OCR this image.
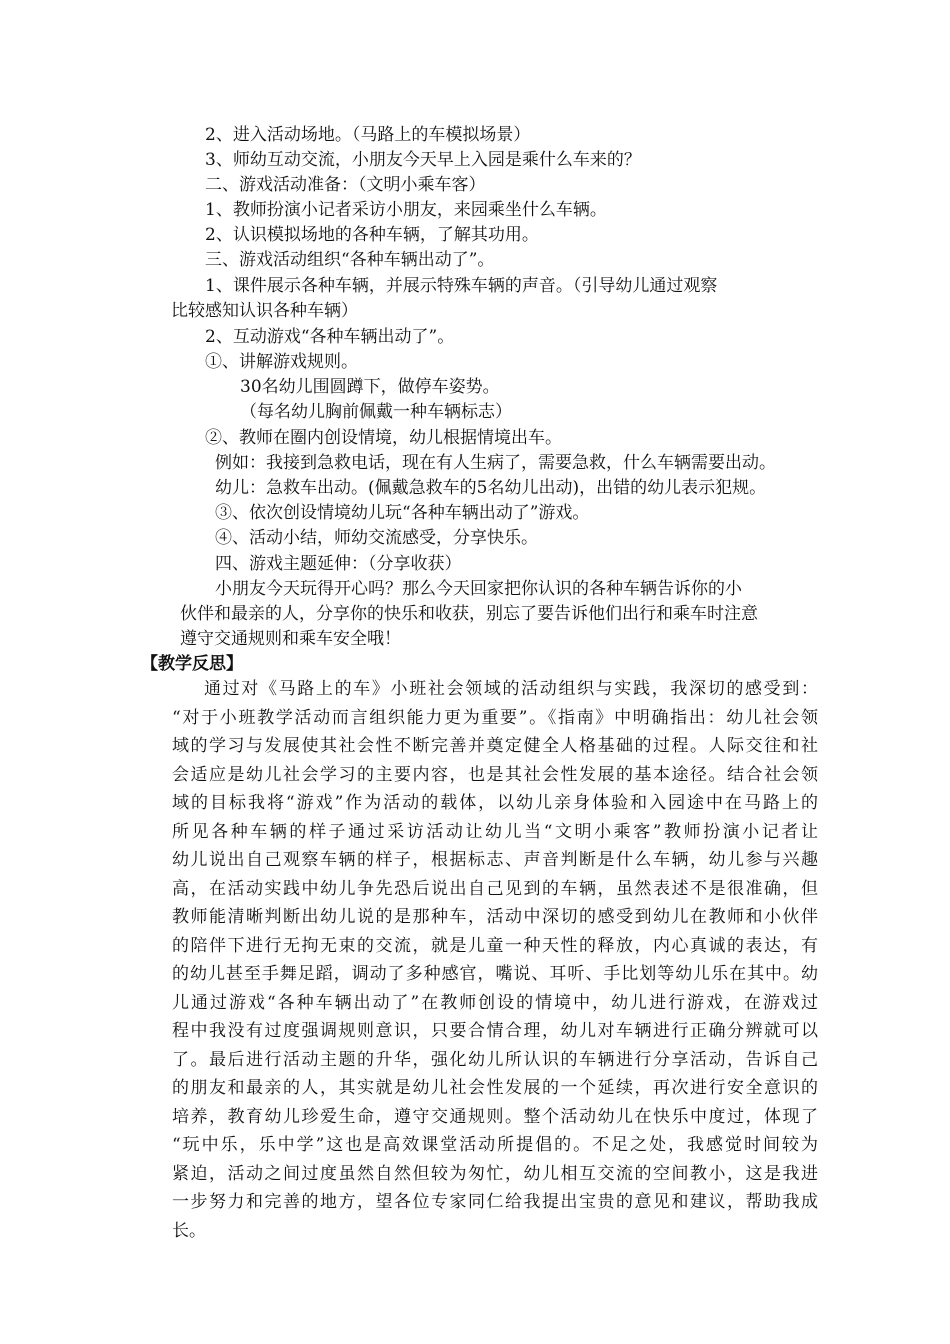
2、进入活动场地。（马路上的车模拟场景）
3、师幼互动交流，小朋友今天早上入园是乘什么车来的？
二、游戏活动准备：（文明小乘车客）
1、教师扮演小记者采访小朋友，来园乘坐什么车辆。
2、认识模拟场地的各种车辆，了解其功用。
三、游戏活动组织“各种车辆出动了”。
1、课件展示各种车辆，并展示特殊车辆的声音。（引导幼儿通过观察
比较感知认识各种车辆）
2、互动游戏“各种车辆出动了”。
①、讲解游戏规则。
30名幼儿围圆蹲下，做停车姿势。
（每名幼儿胸前佩戴一种车辆标志）
②、教师在圈内创设情境，幼儿根据情境出车。
例如：我接到急救电话，现在有人生病了，需要急救，什么车辆需要出动。
幼儿：急救车出动。(佩戴急救车的5名幼儿出动)，出错的幼儿表示犯规。
③、依次创设情境幼儿玩“各种车辆出动了”游戏。
④、活动小结，师幼交流感受，分享快乐。
四、游戏主题延伸：（分享收获）
小朋友今天玩得开心吗？那么今天回家把你认识的各种车辆告诉你的小
伙伴和最亲的人，分享你的快乐和收获，别忘了要告诉他们出行和乘车时注意
遵守交通规则和乘车安全哦！
【教学反思】
通过对《马路上的车》小班社会领域的活动组织与实践，我深切的感受到：
“对于小班教学活动而言组织能力更为重要”。《指南》中明确指出：幼儿社会领
域的学习与发展使其社会性不断完善并奠定健全人格基础的过程。人际交往和社
会适应是幼儿社会学习的主要内容，也是其社会性发展的基本途径。结合社会领
域的目标我将“游戏”作为活动的载体，以幼儿亲身体验和入园途中在马路上的
所见各种车辆的样子通过采访活动让幼儿当“文明小乘客”教师扮演小记者让
幼儿说出自己观察车辆的样子，根据标志、声音判断是什么车辆，幼儿参与兴趣
高，在活动实践中幼儿争先恐后说出自己见到的车辆，虽然表述不是很准确，但
教师能清晰判断出幼儿说的是那种车，活动中深切的感受到幼儿在教师和小伙伴
的陪伴下进行无拘无束的交流，就是儿童一种天性的释放，内心真诚的表达，有
的幼儿甚至手舞足蹈，调动了多种感官，嘴说、耳听、手比划等幼儿乐在其中。幼
儿通过游戏“各种车辆出动了”在教师创设的情境中，幼儿进行游戏，在游戏过
程中我没有过度强调规则意识，只要合情合理，幼儿对车辆进行正确分辨就可以
了。最后进行活动主题的升华，强化幼儿所认识的车辆进行分享活动，告诉自己
的朋友和最亲的人，其实就是幼儿社会性发展的一个延续，再次进行安全意识的
培养，教育幼儿珍爱生命，遵守交通规则。整个活动幼儿在快乐中度过，体现了
“玩中乐，乐中学”这也是高效课堂活动所提倡的。不足之处，我感觉时间较为
紧迫，活动之间过度虽然自然但较为匆忙，幼儿相互交流的空间教小，这是我进
一步努力和完善的地方，望各位专家同仁给我提出宝贵的意见和建议，帮助我成
长。
